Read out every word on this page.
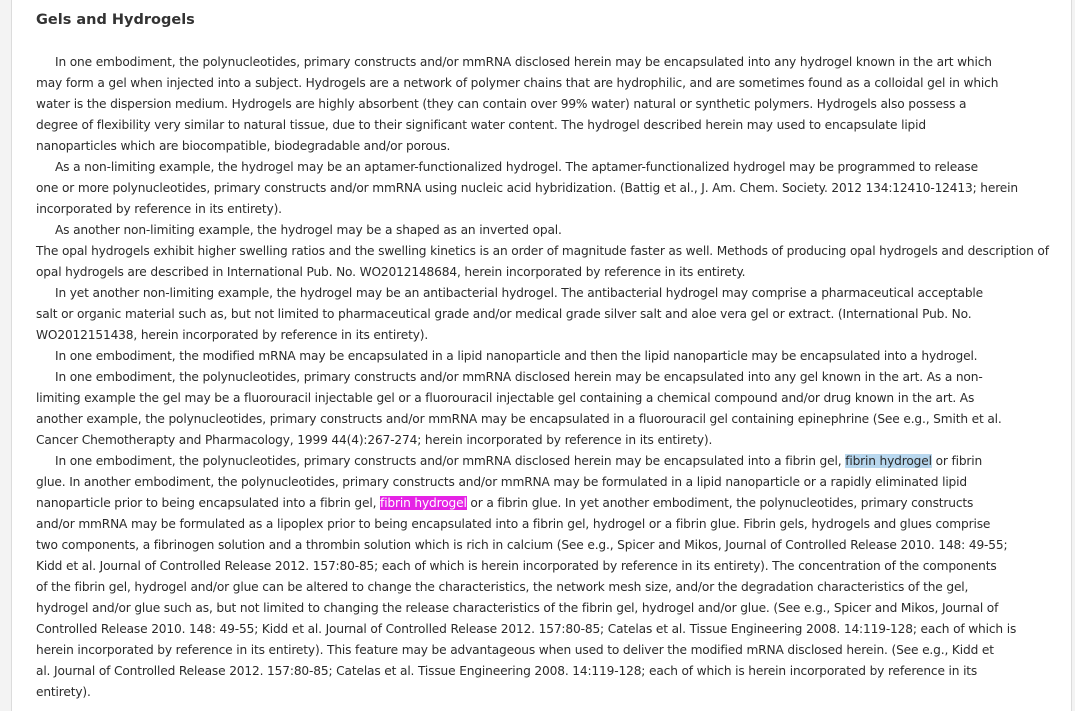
Gels and Hydrogels
In one embodiment, the polynucleotides, primary constructs and/or mmRNA disclosed herein may be encapsulated into any hydrogel known in the art which
may form a gel when injected into a subject. Hydrogels are a network of polymer chains that are hydrophilic, and are sometimes found as a colloidal gel in which
water is the dispersion medium. Hydrogels are highly absorbent (they can contain over 99% water) natural or synthetic polymers. Hydrogels also possess a
degree of flexibility very similar to natural tissue, due to their significant water content. The hydrogel described herein may used to encapsulate lipid
nanoparticles which are biocompatible, biodegradable and/or porous.
As a non-limiting example, the hydrogel may be an aptamer-functionalized hydrogel. The aptamer-functionalized hydrogel may be programmed to release
one or more polynucleotides, primary constructs and/or mmRNA using nucleic acid hybridization. (Battig et al., J. Am. Chem. Society. 2012 134:12410-12413; herein
incorporated by reference in its entirety).
As another non-limiting example, the hydrogel may be a shaped as an inverted opal.
The opal hydrogels exhibit higher swelling ratios and the swelling kinetics is an order of magnitude faster as well. Methods of producing opal hydrogels and description of
opal hydrogels are described in International Pub. No. WO2012148684, herein incorporated by reference in its entirety.
In yet another non-limiting example, the hydrogel may be an antibacterial hydrogel. The antibacterial hydrogel may comprise a pharmaceutical acceptable
salt or organic material such as, but not limited to pharmaceutical grade and/or medical grade silver salt and aloe vera gel or extract. (International Pub. No.
WO2012151438, herein incorporated by reference in its entirety).
In one embodiment, the modified mRNA may be encapsulated in a lipid nanoparticle and then the lipid nanoparticle may be encapsulated into a hydrogel.
In one embodiment, the polynucleotides, primary constructs and/or mmRNA disclosed herein may be encapsulated into any gel known in the art. As a non-
limiting example the gel may be a fluorouracil injectable gel or a fluorouracil injectable gel containing a chemical compound and/or drug known in the art. As
another example, the polynucleotides, primary constructs and/or mmRNA may be encapsulated in a fluorouracil gel containing epinephrine (See e.g., Smith et al.
Cancer Chemotherapty and Pharmacology, 1999 44(4):267-274; herein incorporated by reference in its entirety).
In one embodiment, the polynucleotides, primary constructs and/or mmRNA disclosed herein may be encapsulated into a fibrin gel, fibrin hydrogel or fibrin
glue. In another embodiment, the polynucleotides, primary constructs and/or mmRNA may be formulated in a lipid nanoparticle or a rapidly eliminated lipid
nanoparticle prior to being encapsulated into a fibrin gel, fibrin hydrogel or a fibrin glue. In yet another embodiment, the polynucleotides, primary constructs
and/or mmRNA may be formulated as a lipoplex prior to being encapsulated into a fibrin gel, hydrogel or a fibrin glue. Fibrin gels, hydrogels and glues comprise
two components, a fibrinogen solution and a thrombin solution which is rich in calcium (See e.g., Spicer and Mikos, Journal of Controlled Release 2010. 148: 49-55;
Kidd et al. Journal of Controlled Release 2012. 157:80-85; each of which is herein incorporated by reference in its entirety). The concentration of the components
of the fibrin gel, hydrogel and/or glue can be altered to change the characteristics, the network mesh size, and/or the degradation characteristics of the gel,
hydrogel and/or glue such as, but not limited to changing the release characteristics of the fibrin gel, hydrogel and/or glue. (See e.g., Spicer and Mikos, Journal of
Controlled Release 2010. 148: 49-55; Kidd et al. Journal of Controlled Release 2012. 157:80-85; Catelas et al. Tissue Engineering 2008. 14:119-128; each of which is
herein incorporated by reference in its entirety). This feature may be advantageous when used to deliver the modified mRNA disclosed herein. (See e.g., Kidd et
al. Journal of Controlled Release 2012. 157:80-85; Catelas et al. Tissue Engineering 2008. 14:119-128; each of which is herein incorporated by reference in its
entirety).
